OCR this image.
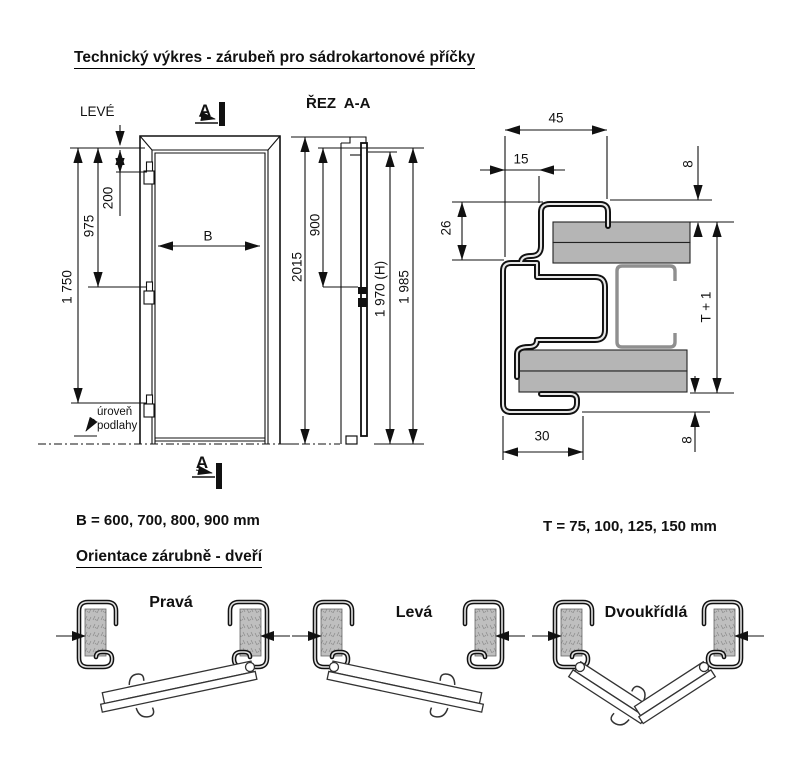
Technický výkres - zárubeň pro sádrokartonové příčky
LEVÉ	A
A
ŘEZ  A-A
200
975
1 750
B
úroveň
podlahy
2015
900
1 970 (H) 1 985
45
15
26
8
T + 1
8
30
B = 600, 700, 800, 900 mm	T = 75, 100, 125, 150 mm
Orientace zárubně - dveří
Pravá
Levá	Dvoukřídlá
